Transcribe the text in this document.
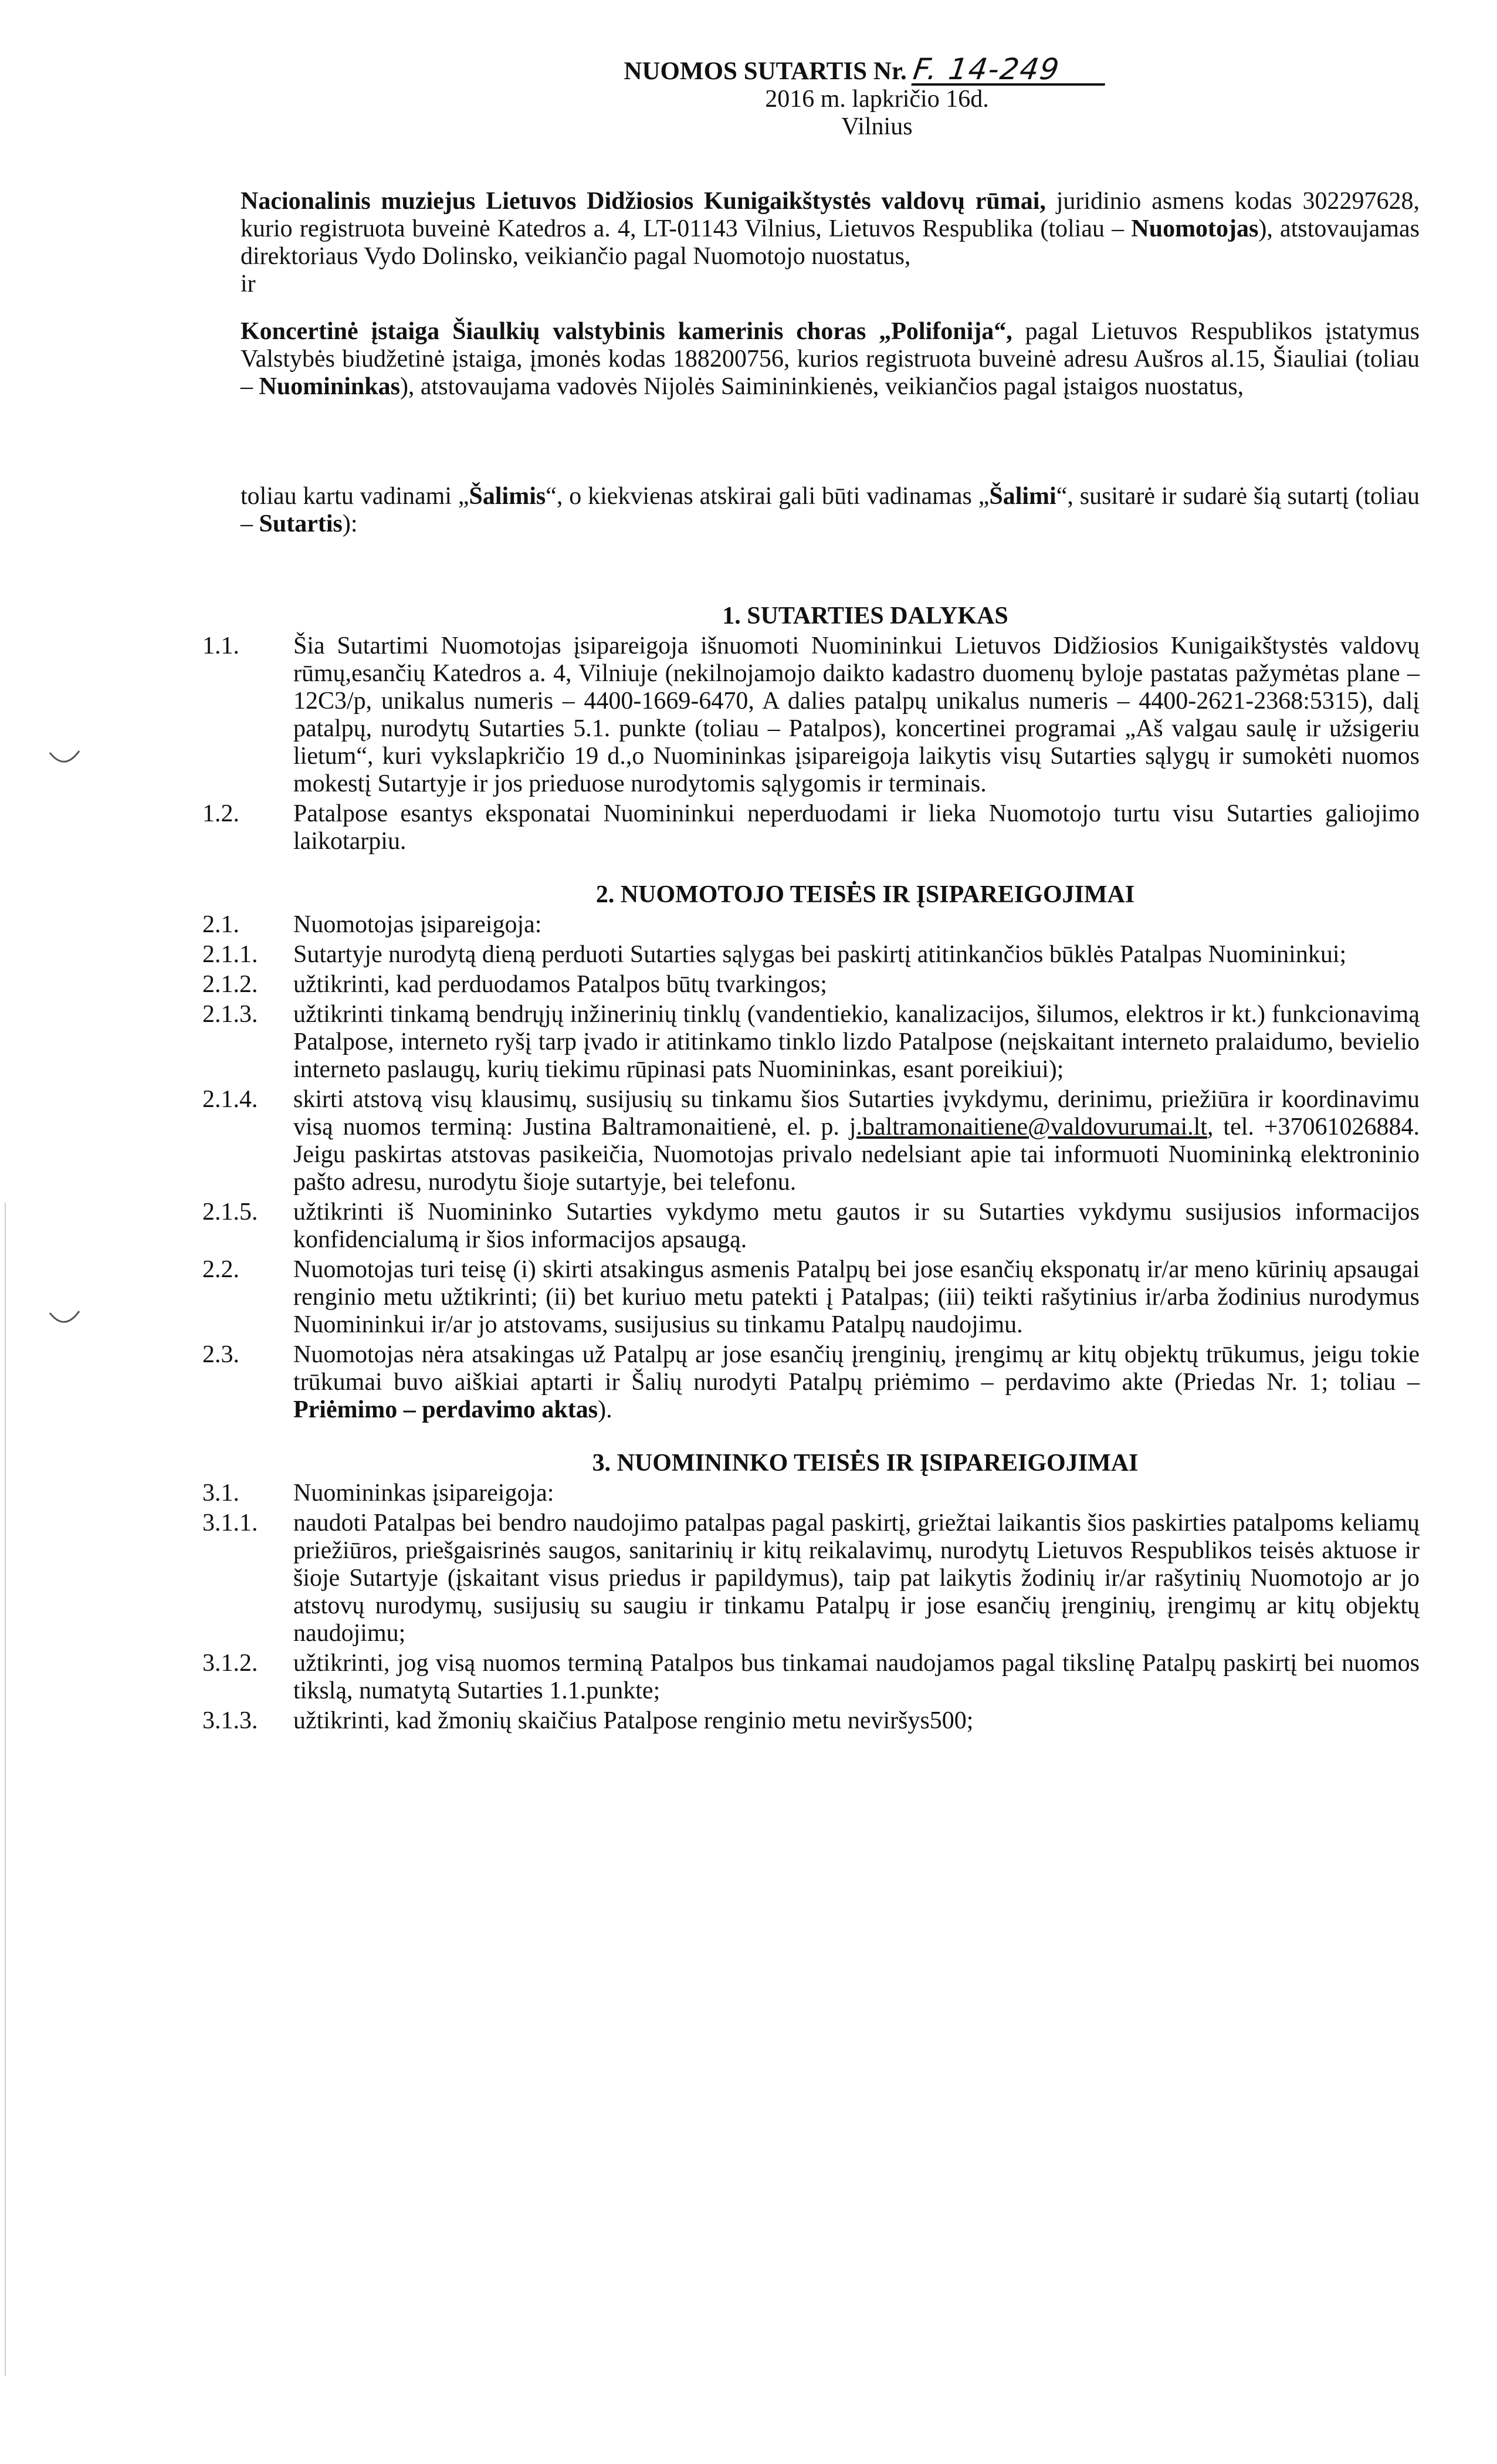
NUOMOS SUTARTIS Nr. F. 14-249
2016 m. lapkričio 16d.
Vilnius

Nacionalinis muziejus Lietuvos Didžiosios Kunigaikštystės valdovų rūmai, juridinio asmens kodas 302297628, kurio registruota buveinė Katedros a. 4, LT-01143 Vilnius, Lietuvos Respublika (toliau – Nuomotojas), atstovaujamas direktoriaus Vydo Dolinsko, veikiančio pagal Nuomotojo nuostatus,

ir

Koncertinė įstaiga Šiaulkių valstybinis kamerinis choras „Polifonija“, pagal Lietuvos Respublikos įstatymus Valstybės biudžetinė įstaiga, įmonės kodas 188200756, kurios registruota buveinė adresu Aušros al.15, Šiauliai (toliau – Nuomininkas), atstovaujama vadovės Nijolės Saimininkienės, veikiančios pagal įstaigos nuostatus,

toliau kartu vadinami „Šalimis“, o kiekvienas atskirai gali būti vadinamas „Šalimi“, susitarė ir sudarė šią sutartį (toliau – Sutartis):

1. SUTARTIES DALYKAS
1.1. Šia Sutartimi Nuomotojas įsipareigoja išnuomoti Nuomininkui Lietuvos Didžiosios Kunigaikštystės valdovų rūmų,esančių Katedros a. 4, Vilniuje (nekilnojamojo daikto kadastro duomenų byloje pastatas pažymėtas plane – 12C3/p, unikalus numeris – 4400-1669-6470, A dalies patalpų unikalus numeris – 4400-2621-2368:5315), dalį patalpų, nurodytų Sutarties 5.1. punkte (toliau – Patalpos), koncertinei programai „Aš valgau saulę ir užsigeriu lietum“, kuri vykslapkričio 19 d.,o Nuomininkas įsipareigoja laikytis visų Sutarties sąlygų ir sumokėti nuomos mokestį Sutartyje ir jos prieduose nurodytomis sąlygomis ir terminais.
1.2. Patalpose esantys eksponatai Nuomininkui neperduodami ir lieka Nuomotojo turtu visu Sutarties galiojimo laikotarpiu.
2. NUOMOTOJO TEISĖS IR ĮSIPAREIGOJIMAI
2.1. Nuomotojas įsipareigoja:
2.1.1. Sutartyje nurodytą dieną perduoti Sutarties sąlygas bei paskirtį atitinkančios būklės Patalpas Nuomininkui;
2.1.2. užtikrinti, kad perduodamos Patalpos būtų tvarkingos;
2.1.3. užtikrinti tinkamą bendrųjų inžinerinių tinklų (vandentiekio, kanalizacijos, šilumos, elektros ir kt.) funkcionavimą Patalpose, interneto ryšį tarp įvado ir atitinkamo tinklo lizdo Patalpose (neįskaitant interneto pralaidumo, bevielio interneto paslaugų, kurių tiekimu rūpinasi pats Nuomininkas, esant poreikiui);
2.1.4. skirti atstovą visų klausimų, susijusių su tinkamu šios Sutarties įvykdymu, derinimu, priežiūra ir koordinavimu visą nuomos terminą: Justina Baltramonaitienė, el. p. j.baltramonaitiene@valdovurumai.lt, tel. +37061026884. Jeigu paskirtas atstovas pasikeičia, Nuomotojas privalo nedelsiant apie tai informuoti Nuomininką elektroninio pašto adresu, nurodytu šioje sutartyje, bei telefonu.
2.1.5. užtikrinti iš Nuomininko Sutarties vykdymo metu gautos ir su Sutarties vykdymu susijusios informacijos konfidencialumą ir šios informacijos apsaugą.
2.2. Nuomotojas turi teisę (i) skirti atsakingus asmenis Patalpų bei jose esančių eksponatų ir/ar meno kūrinių apsaugai renginio metu užtikrinti; (ii) bet kuriuo metu patekti į Patalpas; (iii) teikti rašytinius ir/arba žodinius nurodymus Nuomininkui ir/ar jo atstovams, susijusius su tinkamu Patalpų naudojimu.
2.3. Nuomotojas nėra atsakingas už Patalpų ar jose esančių įrenginių, įrengimų ar kitų objektų trūkumus, jeigu tokie trūkumai buvo aiškiai aptarti ir Šalių nurodyti Patalpų priėmimo – perdavimo akte (Priedas Nr. 1; toliau – Priėmimo – perdavimo aktas).
3. NUOMININKO TEISĖS IR ĮSIPAREIGOJIMAI
3.1. Nuomininkas įsipareigoja:
3.1.1. naudoti Patalpas bei bendro naudojimo patalpas pagal paskirtį, griežtai laikantis šios paskirties patalpoms keliamų priežiūros, priešgaisrinės saugos, sanitarinių ir kitų reikalavimų, nurodytų Lietuvos Respublikos teisės aktuose ir šioje Sutartyje (įskaitant visus priedus ir papildymus), taip pat laikytis žodinių ir/ar rašytinių Nuomotojo ar jo atstovų nurodymų, susijusių su saugiu ir tinkamu Patalpų ir jose esančių įrenginių, įrengimų ar kitų objektų naudojimu;
3.1.2. užtikrinti, jog visą nuomos terminą Patalpos bus tinkamai naudojamos pagal tikslinę Patalpų paskirtį bei nuomos tikslą, numatytą Sutarties 1.1.punkte;
3.1.3. užtikrinti, kad žmonių skaičius Patalpose renginio metu neviršys500;
